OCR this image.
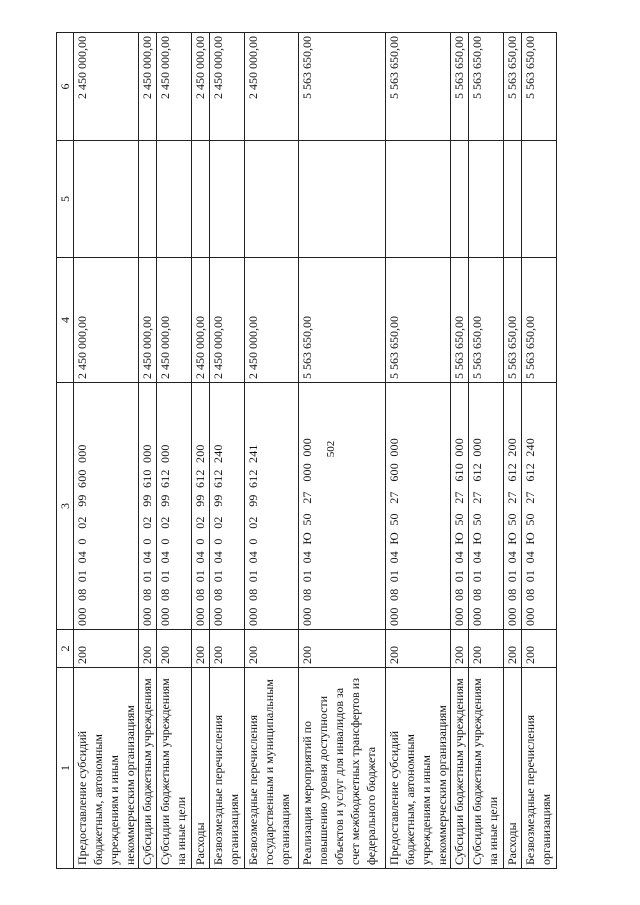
502
1	2	3	4	5	6
Предоставление субсидий бюджетным, автономным учреждениям и иным некоммерческим организациям	200	000  08  01  04  0   02   99  600  000	2 450 000,00		2 450 000,00
Субсидии бюджетным учреждениям	200	000  08  01  04  0   02   99  610  000	2 450 000,00		2 450 000,00
Субсидии бюджетным учреждениям на иные цели	200	000  08  01  04  0   02   99  612  000	2 450 000,00		2 450 000,00
Расходы	200	000  08  01  04  0   02   99  612  200	2 450 000,00		2 450 000,00
Безвозмездные перечисления организациям	200	000  08  01  04  0   02   99  612  240	2 450 000,00		2 450 000,00
Безвозмездные перечисления государственным и муниципальным организациям	200	000  08  01  04  0   02   99  612  241	2 450 000,00		2 450 000,00
Реализация мероприятий по повышению уровня доступности объектов и услуг для инвалидов за счет межбюджетных трансфертов из федерального бюджета	200	000  08  01  04  Ю  50   27   000  000	5 563 650,00		5 563 650,00
Предоставление субсидий бюджетным, автономным учреждениям и иным некоммерческим организациям	200	000  08  01  04  Ю  50   27   600  000	5 563 650,00		5 563 650,00
Субсидии бюджетным учреждениям	200	000  08  01  04  Ю  50   27   610  000	5 563 650,00		5 563 650,00
Субсидии бюджетным учреждениям на иные цели	200	000  08  01  04  Ю  50   27   612  000	5 563 650,00		5 563 650,00
Расходы	200	000  08  01  04  Ю  50   27   612  200	5 563 650,00		5 563 650,00
Безвозмездные перечисления организациям	200	000  08  01  04  Ю  50   27   612  240	5 563 650,00		5 563 650,00
